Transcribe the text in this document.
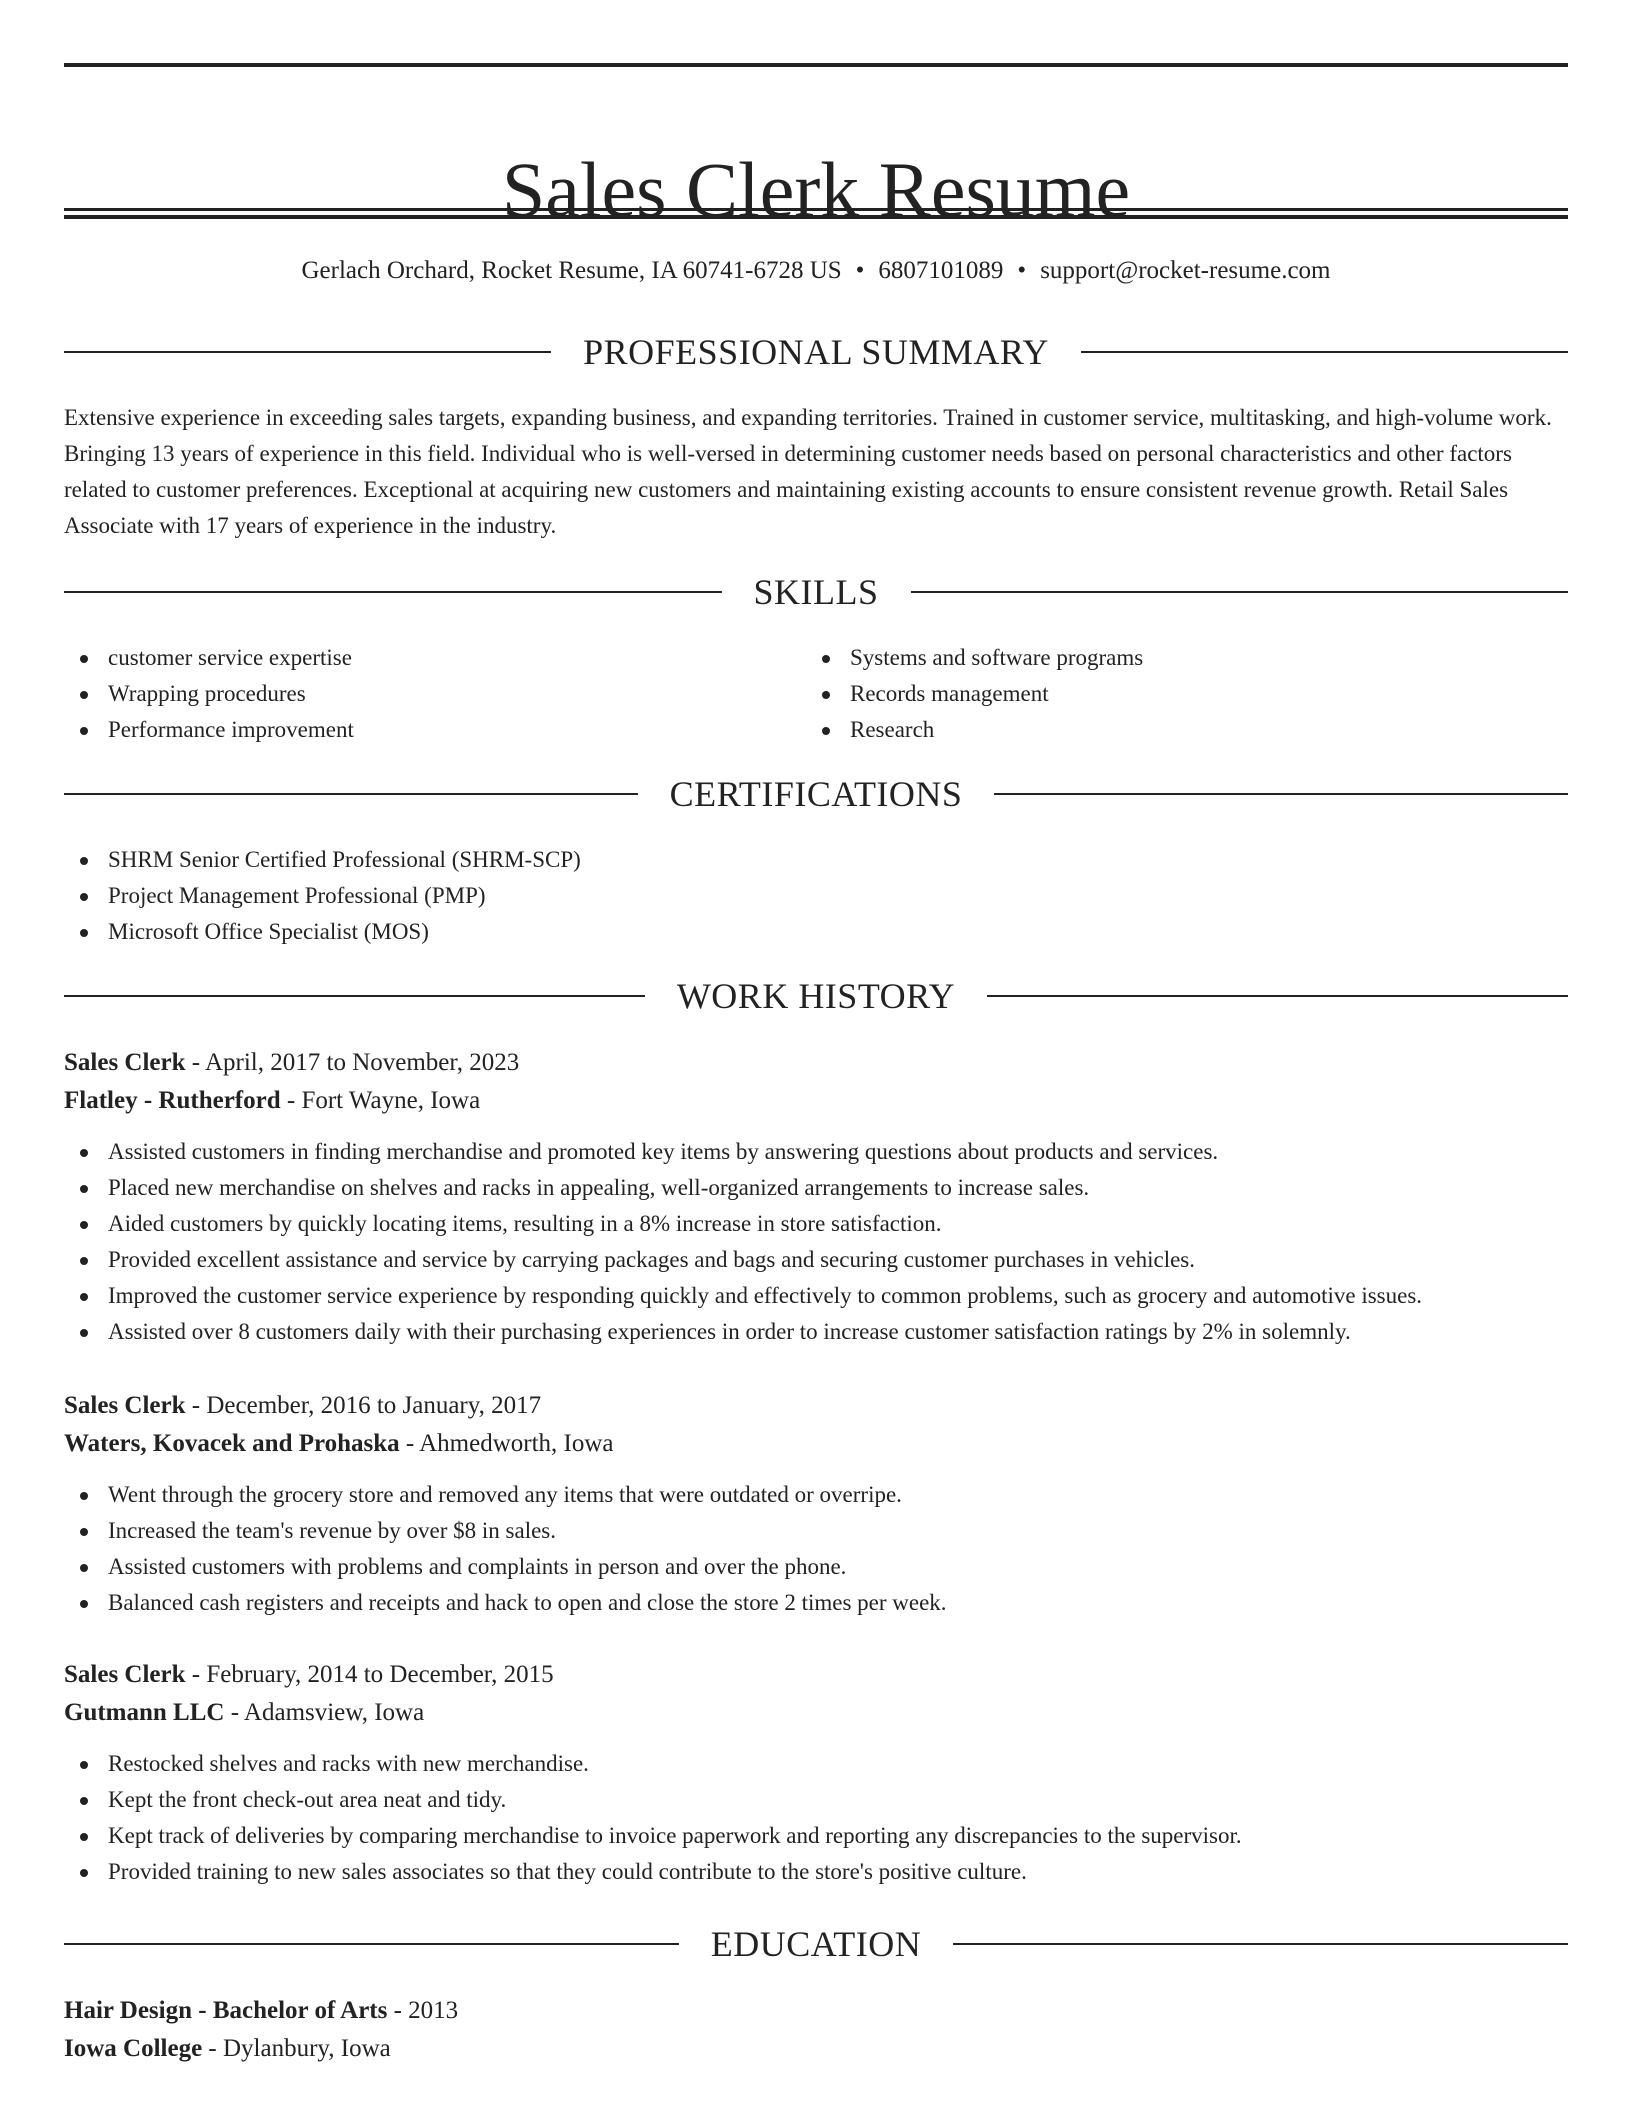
Sales Clerk Resume
Gerlach Orchard, Rocket Resume, IA 60741-6728 US • 6807101089 • support@rocket-resume.com
PROFESSIONAL SUMMARY

Extensive experience in exceeding sales targets, expanding business, and expanding territories. Trained in customer service, multitasking, and high-volume work. Bringing 13 years of experience in this field. Individual who is well-versed in determining customer needs based on personal characteristics and other factors related to customer preferences. Exceptional at acquiring new customers and maintaining existing accounts to ensure consistent revenue growth. Retail Sales Associate with 17 years of experience in the industry.

SKILLS
customer service expertise
Wrapping procedures
Performance improvement
Systems and software programs
Records management
Research
CERTIFICATIONS
SHRM Senior Certified Professional (SHRM-SCP)
Project Management Professional (PMP)
Microsoft Office Specialist (MOS)
WORK HISTORY
Sales Clerk - April, 2017 to November, 2023
Flatley - Rutherford - Fort Wayne, Iowa
Assisted customers in finding merchandise and promoted key items by answering questions about products and services.
Placed new merchandise on shelves and racks in appealing, well-organized arrangements to increase sales.
Aided customers by quickly locating items, resulting in a 8% increase in store satisfaction.
Provided excellent assistance and service by carrying packages and bags and securing customer purchases in vehicles.
Improved the customer service experience by responding quickly and effectively to common problems, such as grocery and automotive issues.
Assisted over 8 customers daily with their purchasing experiences in order to increase customer satisfaction ratings by 2% in solemnly.
Sales Clerk - December, 2016 to January, 2017
Waters, Kovacek and Prohaska - Ahmedworth, Iowa
Went through the grocery store and removed any items that were outdated or overripe.
Increased the team's revenue by over $8 in sales.
Assisted customers with problems and complaints in person and over the phone.
Balanced cash registers and receipts and hack to open and close the store 2 times per week.
Sales Clerk - February, 2014 to December, 2015
Gutmann LLC - Adamsview, Iowa
Restocked shelves and racks with new merchandise.
Kept the front check-out area neat and tidy.
Kept track of deliveries by comparing merchandise to invoice paperwork and reporting any discrepancies to the supervisor.
Provided training to new sales associates so that they could contribute to the store's positive culture.
EDUCATION
Hair Design - Bachelor of Arts - 2013
Iowa College - Dylanbury, Iowa
